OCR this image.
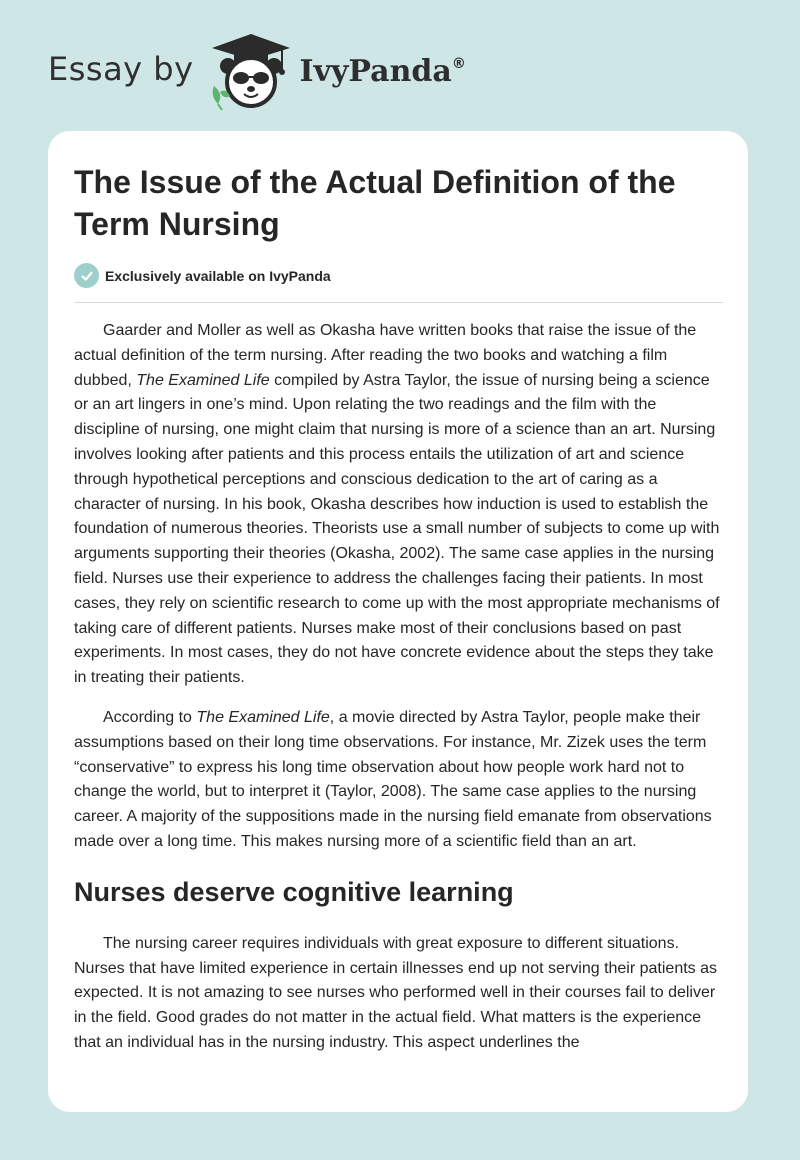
Essay by	IvyPanda®
The Issue of the Actual Definition of the Term Nursing
Exclusively available on IvyPanda

Gaarder and Moller as well as Okasha have written books that raise the issue of the actual definition of the term nursing. After reading the two books and watching a film dubbed, The Examined Life compiled by Astra Taylor, the issue of nursing being a science or an art lingers in one’s mind. Upon relating the two readings and the film with the discipline of nursing, one might claim that nursing is more of a science than an art. Nursing involves looking after patients and this process entails the utilization of art and science through hypothetical perceptions and conscious dedication to the art of caring as a character of nursing. In his book, Okasha describes how induction is used to establish the foundation of numerous theories. Theorists use a small number of subjects to come up with arguments supporting their theories (Okasha, 2002). The same case applies in the nursing field. Nurses use their experience to address the challenges facing their patients. In most cases, they rely on scientific research to come up with the most appropriate mechanisms of taking care of different patients. Nurses make most of their conclusions based on past experiments. In most cases, they do not have concrete evidence about the steps they take in treating their patients.

According to The Examined Life, a movie directed by Astra Taylor, people make their assumptions based on their long time observations. For instance, Mr. Zizek uses the term “conservative” to express his long time observation about how people work hard not to change the world, but to interpret it (Taylor, 2008). The same case applies to the nursing career. A majority of the suppositions made in the nursing field emanate from observations made over a long time. This makes nursing more of a scientific field than an art.

Nurses deserve cognitive learning

The nursing career requires individuals with great exposure to different situations. Nurses that have limited experience in certain illnesses end up not serving their patients as expected. It is not amazing to see nurses who performed well in their courses fail to deliver in the field. Good grades do not matter in the actual field. What matters is the experience that an individual has in the nursing industry. This aspect underlines the
